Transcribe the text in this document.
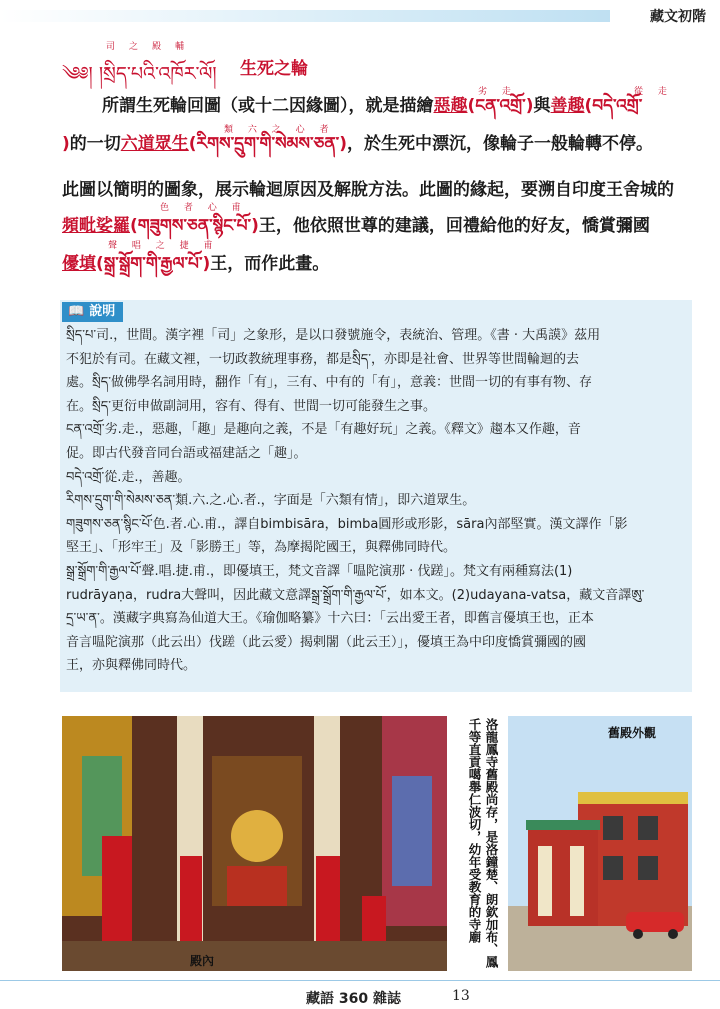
藏文初階
司之殿輔
༄༅། །སྲིད་པའི་འཁོར་ལོ། 生死之輪
劣 走	從 走
所謂生死輪回圖（或十二因緣圖），就是描繪惡趣(ངན་འགྲོ་)與善趣(བདེ་འགྲོ་
類 六 之 心 者
)的一切六道眾生(རིགས་དྲུག་གི་སེམས་ཅན་)，於生死中漂沉，像輪子一般輪轉不停。
此圖以簡明的圖象，展示輪迴原因及解脫方法。此圖的緣起，要溯自印度王舍城的
色 者 心 甫
頻毗娑羅(གཟུགས་ཅན་སྙིང་པོ་)王，他依照世尊的建議，回禮給他的好友，憍賞彌國
聲 唱 之 捷 甫
優填(སྒྲ་སྒྲོག་གི་རྒྱལ་པོ་)王，而作此畫。
📖 說明

སྲིད་པ་司.，世間。漢字裡「司」之象形，是以口發號施令，表統治、管理。《書 · 大禹謨》茲用

不犯於有司。在藏文裡，一切政教統理事務，都是སྲིད་，亦即是社會、世界等世間輪迴的去

處。སྲིད་做佛學名詞用時，翻作「有」，三有、中有的「有」，意義：世間一切的有事有物、存

在。སྲིད་更衍申做副詞用，容有、得有、世間一切可能發生之事。

ངན་འགྲོ་劣.走.，惡趣，「趣」是趣向之義，不是「有趣好玩」之義。《釋文》趨本又作趣，音

促。即古代發音同台語或福建話之「趣」。

བདེ་འགྲོ་從.走.，善趣。

རིགས་དྲུག་གི་སེམས་ཅན་類.六.之.心.者.，字面是「六類有情」，即六道眾生。

གཟུགས་ཅན་སྙིང་པོ་色.者.心.甫.，譯自bimbisāra，bimba圓形或形影，sāra內部堅實。漢文譯作「影

堅王」、「形牢王」及「影勝王」等，為摩揭陀國王，與釋佛同時代。

སྒྲ་སྒྲོག་གི་རྒྱལ་པོ་聲.唱.捷.甫.，即優填王，梵文音譯「嗢陀演那 · 伐蹉」。梵文有兩種寫法(1)

rudrāyaṇa，rudra大聲叫，因此藏文意譯སྒྲ་སྒྲོག་གི་རྒྱལ་པོ་，如本文。(2)udayana-vatsa，藏文音譯ཨུ་

དྲ་ཡ་ན་。漢藏字典寫為仙道大王。《瑜伽略纂》十六曰：「云出愛王者，即舊言優填王也，正本

音言嗢陀演那（此云出）伐蹉（此云愛）揭剌闍（此云王）」，優填王為中印度憍賞彌國的國

王，亦與釋佛同時代。

殿內	洛龍鳳寺舊殿尚存，是洛鐘楚、朗欽加布、鳳千等直貢噶舉仁波切，幼年受教育的寺廟	舊殿外觀
藏語 360 雜誌	13
